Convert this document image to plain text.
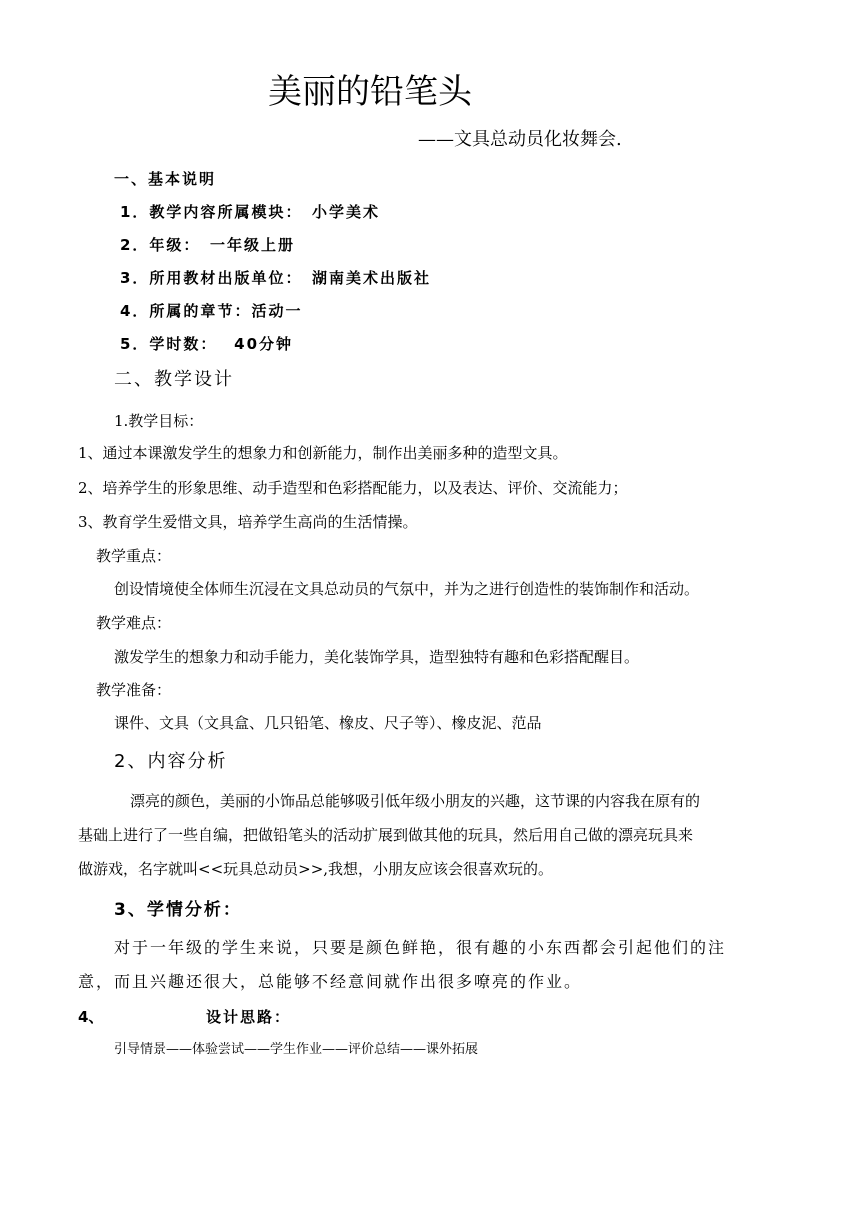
美丽的铅笔头
——文具总动员化妆舞会.
一、基本说明
1．教学内容所属模块：　小学美术
2．年级：　一年级上册
3．所用教材出版单位：　湖南美术出版社
4．所属的章节：活动一
5．学时数：　 40分钟
二、教学设计
1.教学目标：
1、通过本课激发学生的想象力和创新能力，制作出美丽多种的造型文具。
2、培养学生的形象思维、动手造型和色彩搭配能力，以及表达、评价、交流能力；
3、教育学生爱惜文具，培养学生高尚的生活情操。
教学重点：
创设情境使全体师生沉浸在文具总动员的气氛中，并为之进行创造性的装饰制作和活动。
教学难点：
激发学生的想象力和动手能力，美化装饰学具，造型独特有趣和色彩搭配醒目。
教学准备：
课件、文具（文具盒、几只铅笔、橡皮、尺子等）、橡皮泥、范品
2、内容分析
漂亮的颜色，美丽的小饰品总能够吸引低年级小朋友的兴趣，这节课的内容我在原有的
基础上进行了一些自编，把做铅笔头的活动扩展到做其他的玩具，然后用自己做的漂亮玩具来
做游戏，名字就叫<<玩具总动员>>,我想，小朋友应该会很喜欢玩的。
3、学情分析：
对于一年级的学生来说，只要是颜色鲜艳，很有趣的小东西都会引起他们的注
意，而且兴趣还很大，总能够不经意间就作出很多嘹亮的作业。
4、	设计思路：
引导情景——体验尝试——学生作业——评价总结——课外拓展
